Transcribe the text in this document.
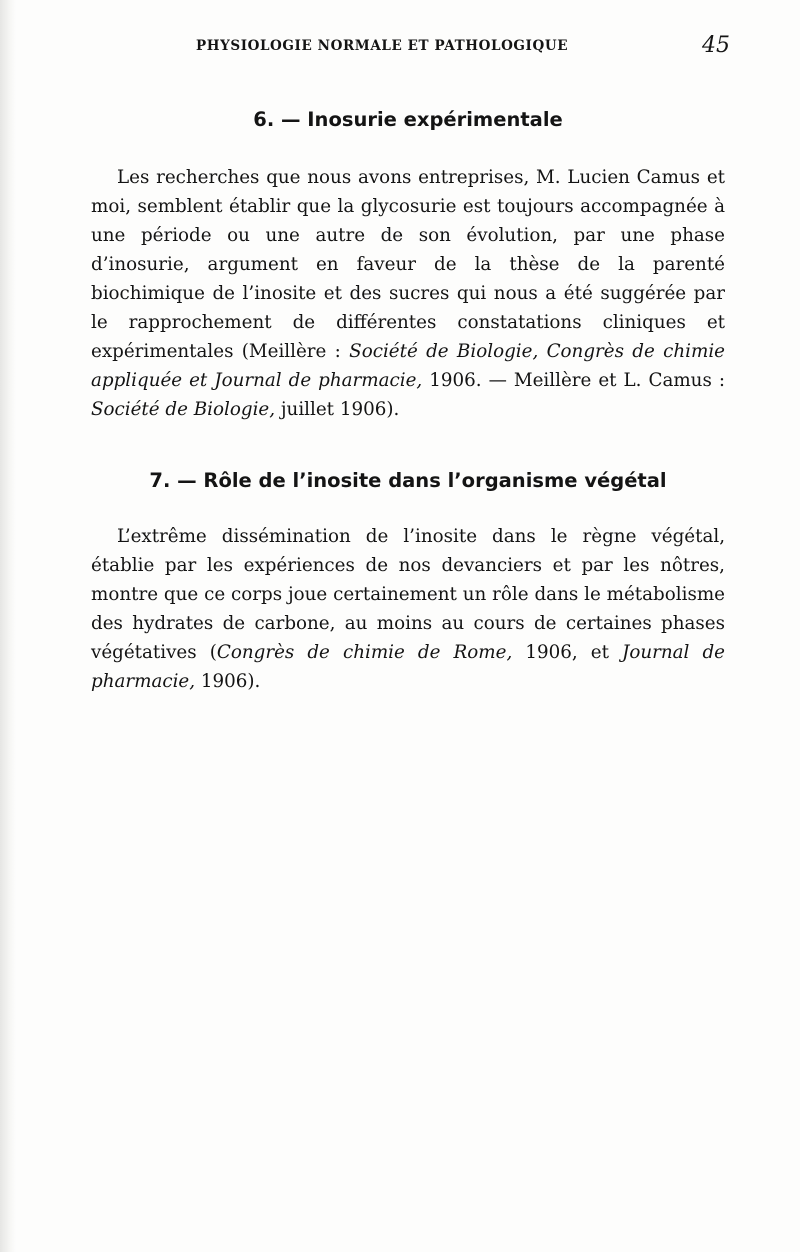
PHYSIOLOGIE NORMALE ET PATHOLOGIQUE	45
6. — Inosurie expérimentale
Les recherches que nous avons entreprises, M. Lucien Camus et moi, semblent établir que la glycosurie est toujours accompagnée à une période ou une autre de son évolution, par une phase d’inosurie, argument en faveur de la thèse de la parenté biochimique de l’inosite et des sucres qui nous a été suggérée par le rapprochement de différentes constatations cliniques et expérimentales (Meillère : Société de Biologie, Congrès de chimie appliquée et Journal de pharmacie, 1906. — Meillère et L. Camus : Société de Biologie, juillet 1906).
7. — Rôle de l’inosite dans l’organisme végétal
L’extrême dissémination de l’inosite dans le règne végétal, établie par les expériences de nos devanciers et par les nôtres, montre que ce corps joue certainement un rôle dans le métabolisme des hydrates de carbone, au moins au cours de certaines phases végétatives (Congrès de chimie de Rome, 1906, et Journal de pharmacie, 1906).
